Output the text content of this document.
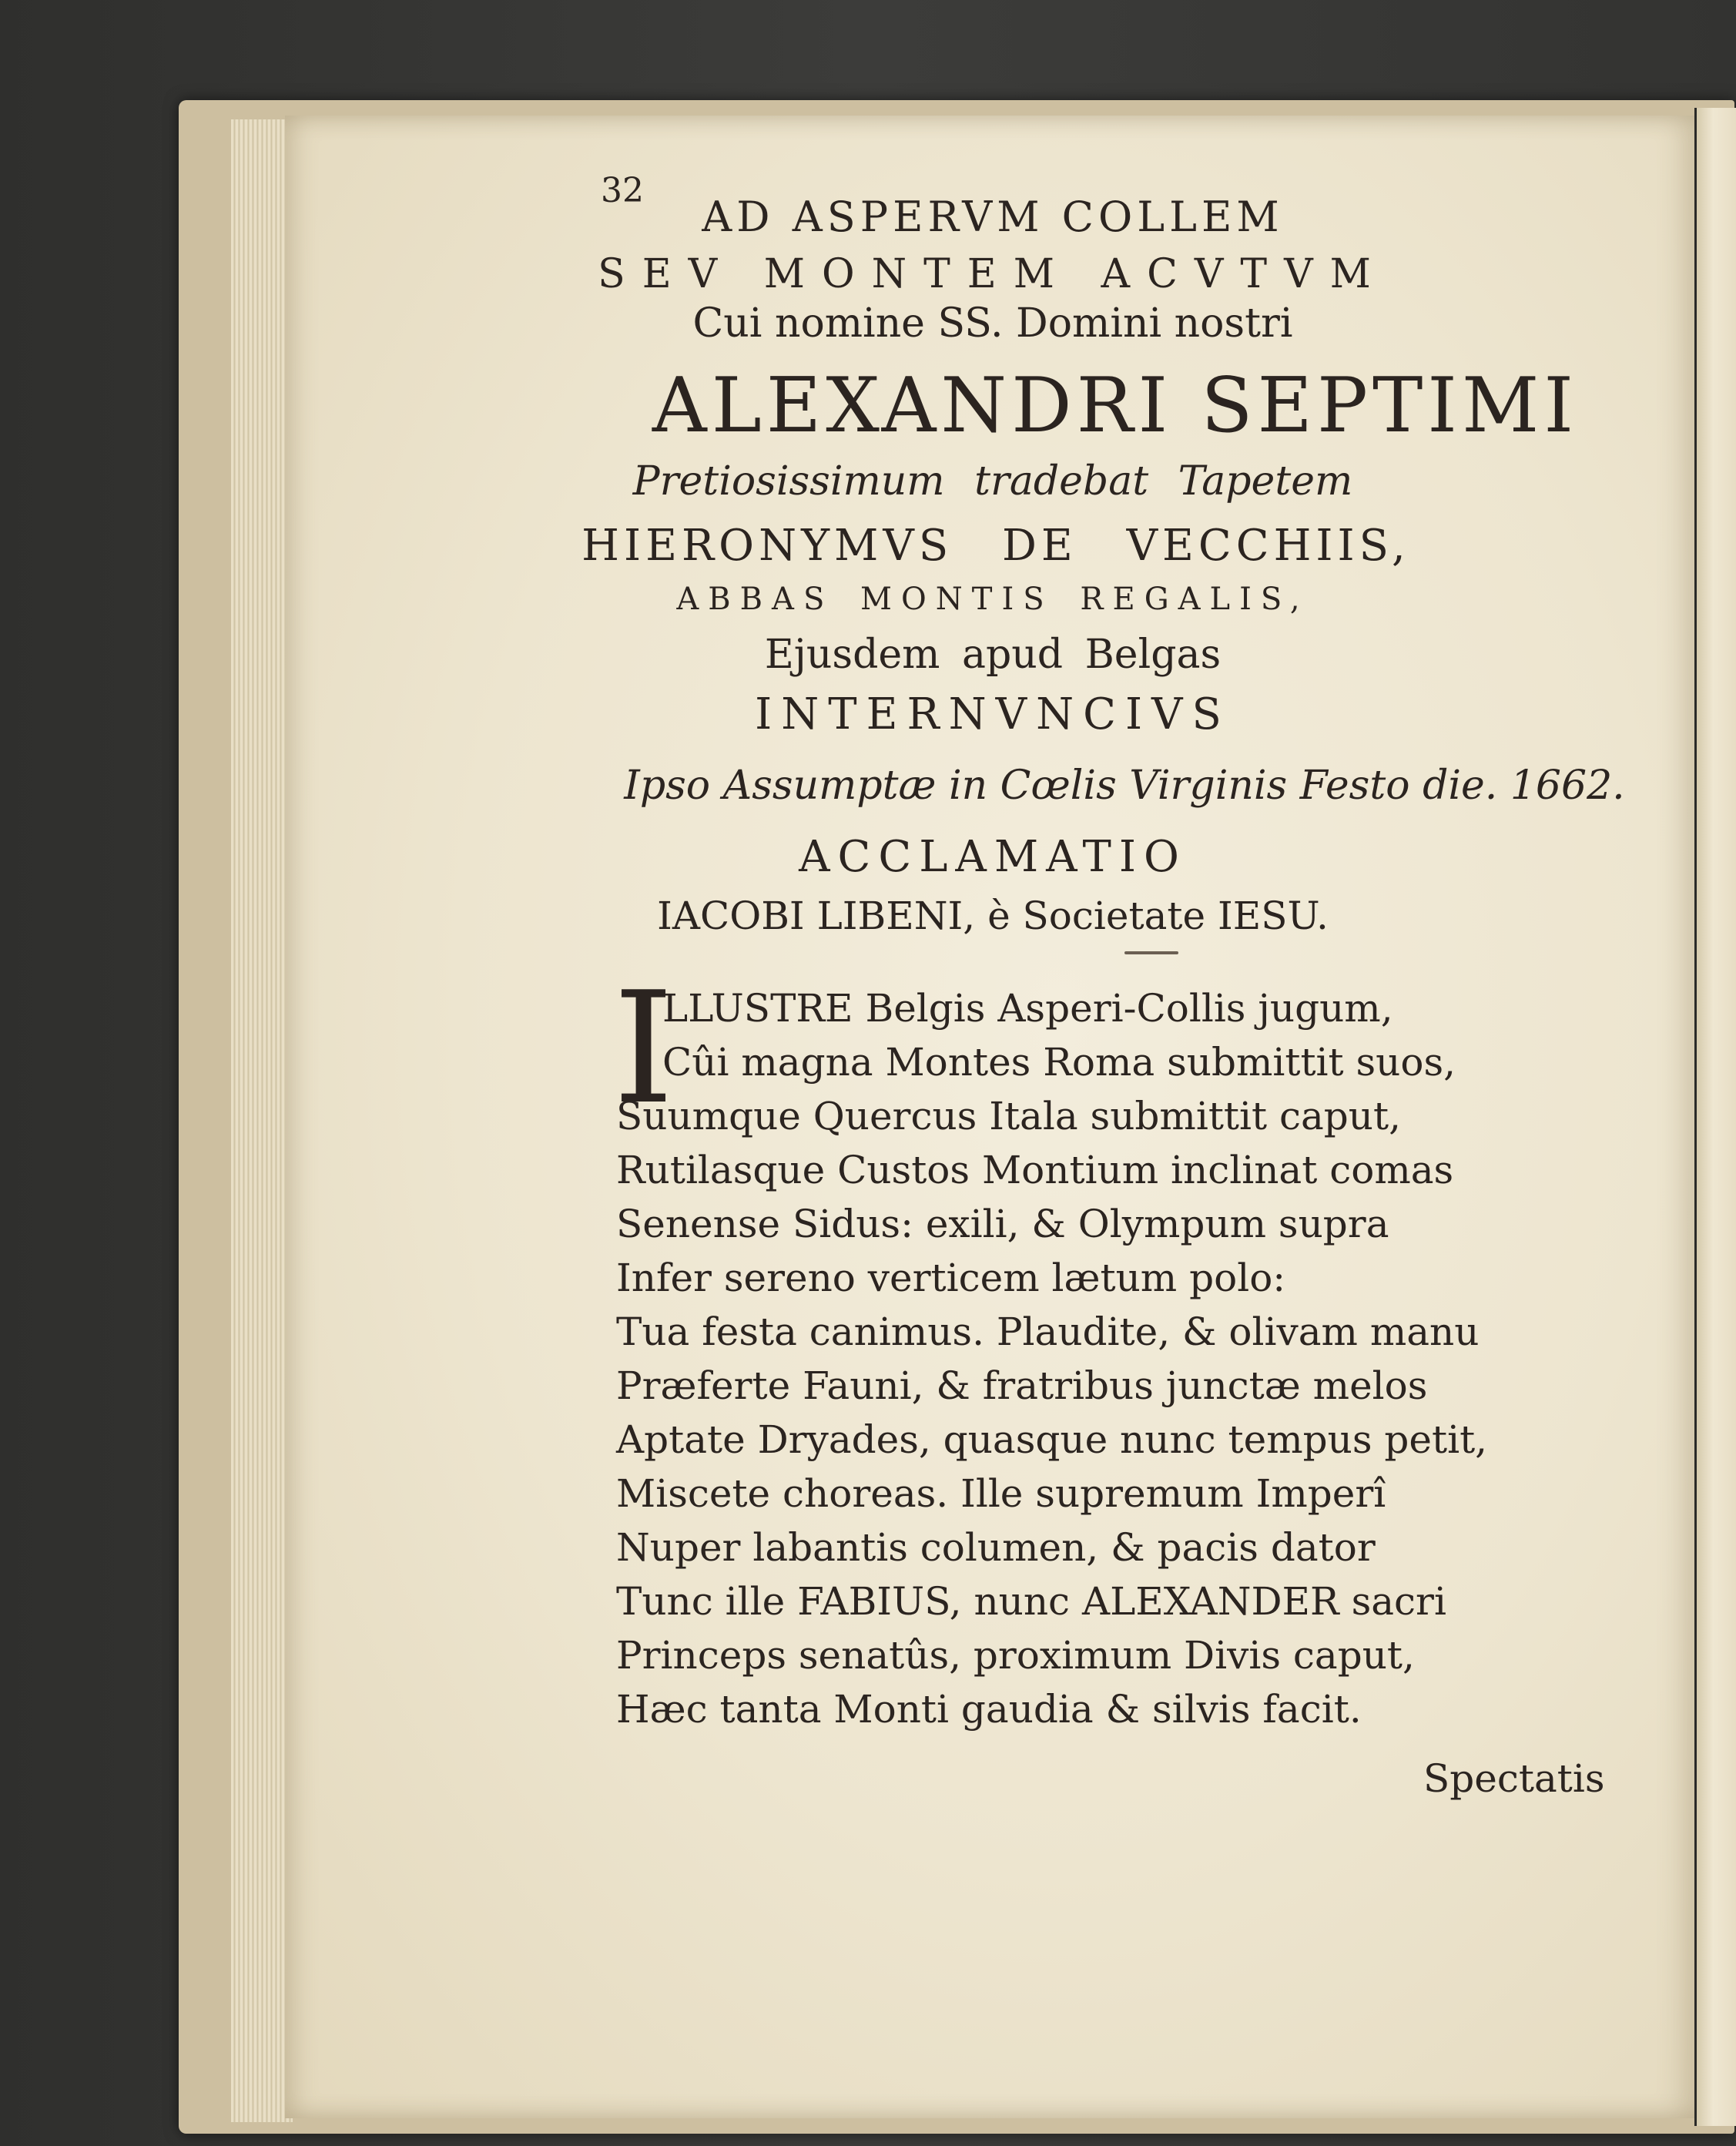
32
AD ASPERVM COLLEM
SEV MONTEM ACVTVM
Cui nomine SS. Domini nostri
ALEXANDRI SEPTIMI
Pretiosissimum tradebat Tapetem
HIERONYMVS DE VECCHIIS,
ABBAS MONTIS REGALIS,
Ejusdem apud Belgas
INTERNVNCIVS
Ipso Assumptæ in Cœlis Virginis Festo die. 1662.
ACCLAMATIO
IACOBI LIBENI, è Societate IESU.
I
LLUSTRE Belgis Asperi-Collis jugum,
Cûi magna Montes Roma submittit suos,
Suumque Quercus Itala submittit caput,
Rutilasque Custos Montium inclinat comas
Senense Sidus: exili, & Olympum supra
Infer sereno verticem lætum polo:
Tua festa canimus. Plaudite, & olivam manu
Præferte Fauni, & fratribus junctæ melos
Aptate Dryades, quasque nunc tempus petit,
Miscete choreas. Ille supremum Imperî
Nuper labantis columen, & pacis dator
Tunc ille FABIUS, nunc ALEXANDER sacri
Princeps senatûs, proximum Divis caput,
Hæc tanta Monti gaudia & silvis facit.
Spectatis
